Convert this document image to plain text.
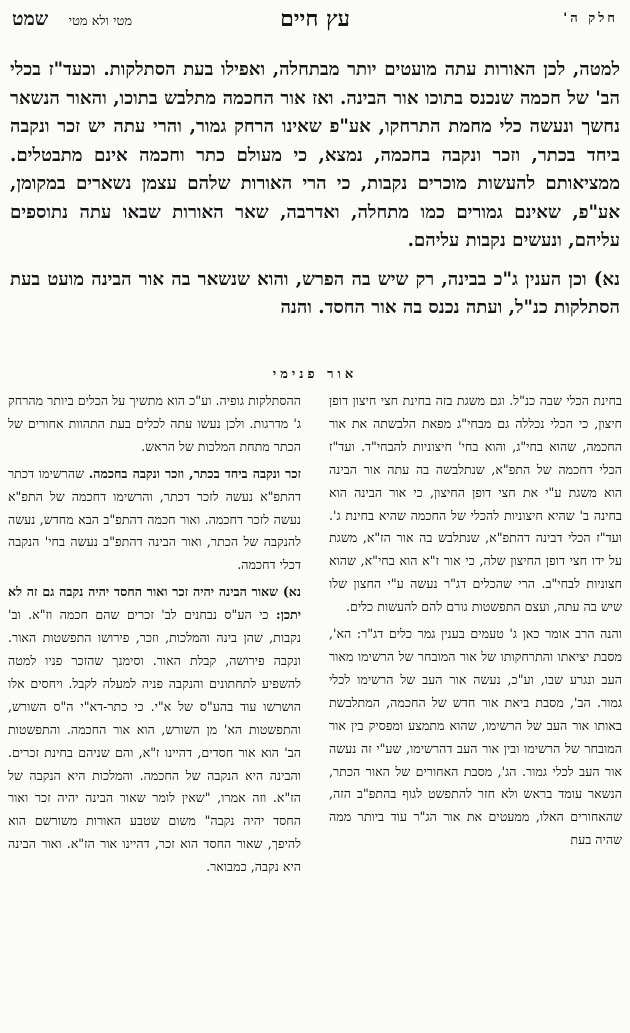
חלק ה'
עץ חיים
מטי ולא מטי שמט

למטה, לכן האורות עתה מועטים יותר מבתחלה, ואפילו בעת הסתלקות. וכעד"ז בכלי הב' של חכמה שנכנס בתוכו אור הבינה. ואז אור החכמה מתלבש בתוכו, והאור הנשאר נחשך ונעשה כלי מחמת התרחקו, אע"פ שאינו הרחק גמור, והרי עתה יש זכר ונקבה ביחד בכתר, וזכר ונקבה בחכמה, נמצא, כי מעולם כתר וחכמה אינם מתבטלים. ממציאותם להעשות מוכרים נקבות, כי הרי האורות שלהם עצמן נשארים במקומן, אע"פ, שאינם גמורים כמו מתחלה, ואדרבה, שאר האורות שבאו עתה נתוספים עליהם, ונעשים נקבות עליהם.

נא) וכן הענין ג"כ בבינה, רק שיש בה הפרש, והוא שנשאר בה אור הבינה מועט בעת הסתלקות כנ"ל, ועתה נכנס בה אור החסד. והנה

אור פנימי

בחינת הכלי שבה כנ"ל. וגם משגת בזה בחינת חצי חיצון דופן חיצון, כי הכלי נכללה גם מבחי"ג מפאת הלבשתה את אור החכמה, שהוא בחי"ג, והוא בחי' חיצוניות להבחי"ד. ועד"ז הכלי דחכמה של התפ"א, שנתלבשה בה עתה אור הבינה הוא משגת ע"י את חצי דופן החיצון, כי אור הבינה הוא בחינה ב' שהיא חיצוניות להכלי של החכמה שהיא בחינת ג'. ועד"ז הכלי דבינה דהתפ"א, שנתלבש בה אור הז"א, משגת על ידו חצי דופן החיצון שלה, כי אור ז"א הוא בחי"א, שהוא חצוניות לבחי"ב. הרי שהכלים דג"ר נעשה ע"י החצון שלו שיש בה עתה, ועצם התפשטות גורם להם להעשות כלים.

והנה הרב אומר כאן ג' טעמים בענין גמר כלים דג"ר: הא', מסבת יציאתו והתרחקותו של אור המובחר של הרשימו מאור העב ונגרע שבו, וע"כ, נעשה אור העב של הרשימו לכלי גמור. הב', מסבת ביאת אור חדש של החכמה, המתלבשת באותו אור העב של הרשימו, שהוא מתמצע ומפסיק בין אור המובחר של הרשימו ובין אור העב דהרשימו, שע"י זה נעשה אור העב לכלי גמור. הג', מסבת האחורים של האור הכתר, הנשאר עומד בראש ולא חזר להתפשט לגוף בהתפ"ב הזה, שהאחורים האלו, ממעטים את אור הג"ר עוד ביותר ממה שהיה בעת

ההסתלקות גופיה. וע"כ הוא מתשיך על הכלים ביותר מהרחק ג' מדרגות. ולכן נעשו עתה לכלים בעת התהוות אחורים של הכתר מתחת המלכות של הראש.

זכר ונקבה ביחד בכתר, וזכר ונקבה בחכמה. שהרשימו דכתר דהתפ"א נעשה לזכר דכתר, והרשימו דחכמה של התפ"א נעשה לזכר דחכמה. ואור חכמה דהתפ"ב הבא מחדש, נעשה להנקבה של הכתר, ואור הבינה דהתפ"ב נעשה בחי' הנקבה דכלי דחכמה.

נא) שאור הבינה יהיה זכר ואור החסד יהיה נקבה גם זה לא יתכן: כי הע"ס נבחנים לב' זכרים שהם חכמה וז"א. וב' נקבות, שהן בינה והמלכות, וזכר, פירושו התפשטות האור. ונקבה פירושה, קבלת האור. וסימנך שהזכר פניו למטה להשפיע לתחתונים והנקבה פניה למעלה לקבל. ויחסים אלו הושרשו עוד בהע"ס של א"י. כי כתר-דא"י ה"ס השורש, והתפשטות הא' מן השורש, הוא אור החכמה. והתפשטות הב' הוא אור חסדים, דהיינו ז"א, והם שניהם בחינת זכרים. והבינה היא הנקבה של החכמה. והמלכות היא הנקבה של הז"א. וזה אמרו, "שאין לומר שאור הבינה יהיה זכר ואור החסד יהיה נקבה" משום שטבע האורות משורשם הוא להיפך, שאור החסד הוא זכר, דהיינו אור הז"א. ואור הבינה היא נקבה, כמבואר.
